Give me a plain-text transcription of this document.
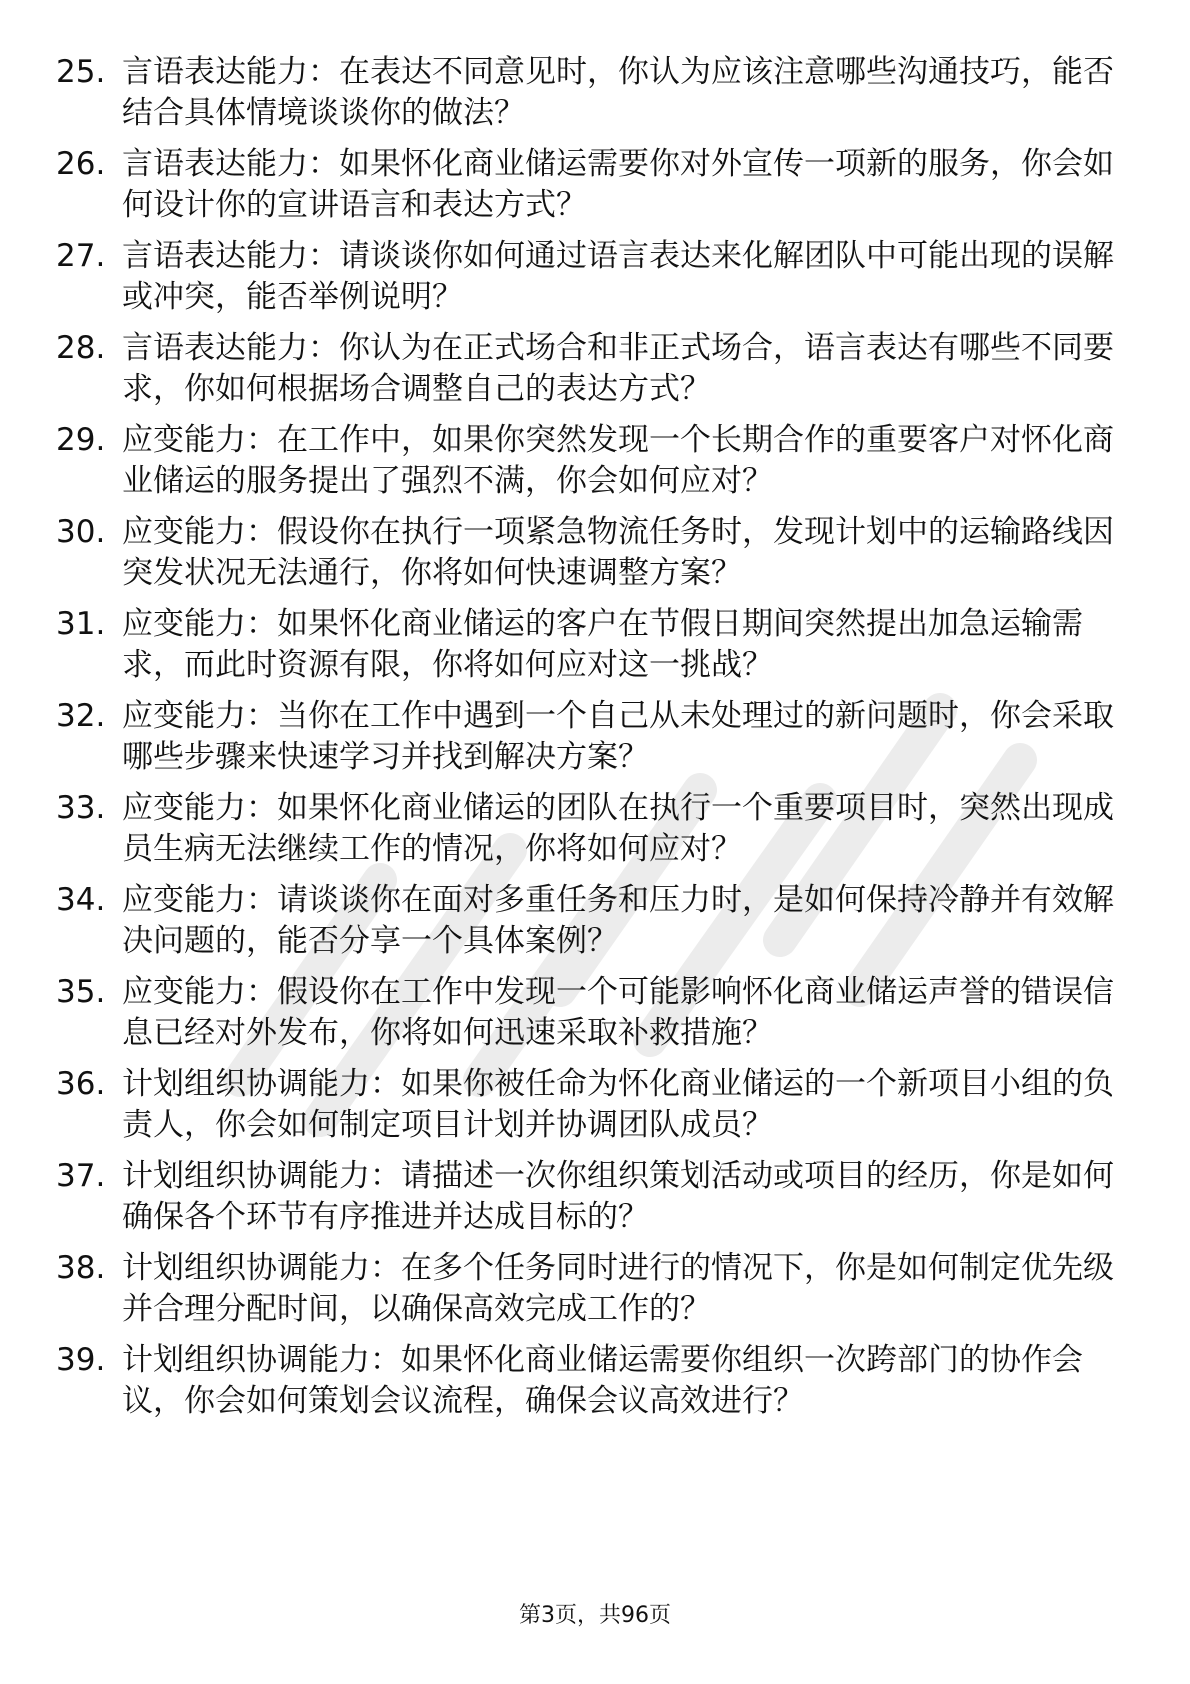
25. 言语表达能力：在表达不同意见时，你认为应该注意哪些沟通技巧，能否结合具体情境谈谈你的做法？
26. 言语表达能力：如果怀化商业储运需要你对外宣传一项新的服务，你会如何设计你的宣讲语言和表达方式？
27. 言语表达能力：请谈谈你如何通过语言表达来化解团队中可能出现的误解或冲突，能否举例说明？
28. 言语表达能力：你认为在正式场合和非正式场合，语言表达有哪些不同要求，你如何根据场合调整自己的表达方式？
29. 应变能力：在工作中，如果你突然发现一个长期合作的重要客户对怀化商业储运的服务提出了强烈不满，你会如何应对？
30. 应变能力：假设你在执行一项紧急物流任务时，发现计划中的运输路线因突发状况无法通行，你将如何快速调整方案？
31. 应变能力：如果怀化商业储运的客户在节假日期间突然提出加急运输需求，而此时资源有限，你将如何应对这一挑战？
32. 应变能力：当你在工作中遇到一个自己从未处理过的新问题时，你会采取哪些步骤来快速学习并找到解决方案？
33. 应变能力：如果怀化商业储运的团队在执行一个重要项目时，突然出现成员生病无法继续工作的情况，你将如何应对？
34. 应变能力：请谈谈你在面对多重任务和压力时，是如何保持冷静并有效解决问题的，能否分享一个具体案例？
35. 应变能力：假设你在工作中发现一个可能影响怀化商业储运声誉的错误信息已经对外发布，你将如何迅速采取补救措施？
36. 计划组织协调能力：如果你被任命为怀化商业储运的一个新项目小组的负责人，你会如何制定项目计划并协调团队成员？
37. 计划组织协调能力：请描述一次你组织策划活动或项目的经历，你是如何确保各个环节有序推进并达成目标的？
38. 计划组织协调能力：在多个任务同时进行的情况下，你是如何制定优先级并合理分配时间，以确保高效完成工作的？
39. 计划组织协调能力：如果怀化商业储运需要你组织一次跨部门的协作会议，你会如何策划会议流程，确保会议高效进行？
第3页，共96页
